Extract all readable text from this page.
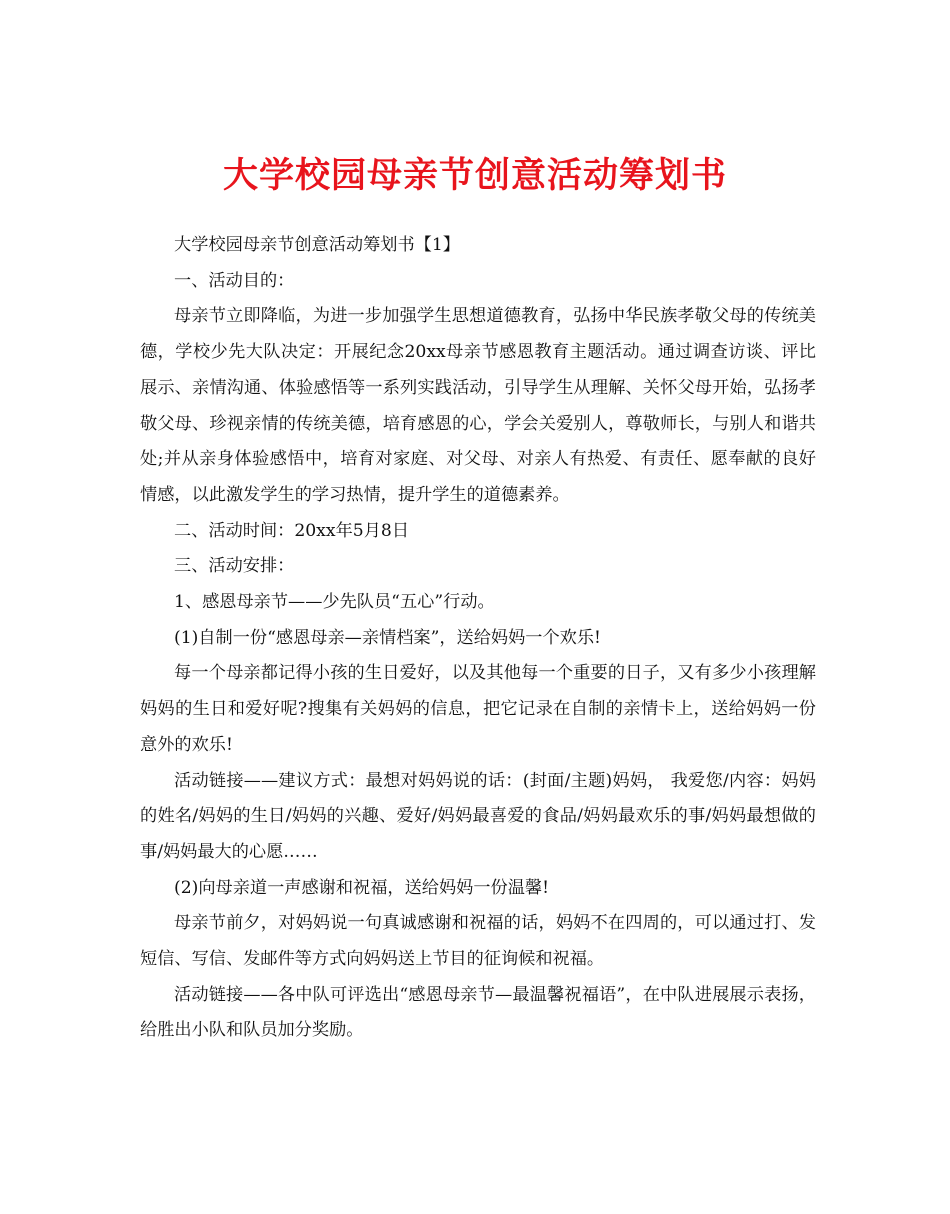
大学校园母亲节创意活动筹划书

大学校园母亲节创意活动筹划书【1】

一、活动目的：

母亲节立即降临，为进一步加强学生思想道德教育，弘扬中华民族孝敬父母的传统美德，学校少先大队决定：开展纪念20xx母亲节感恩教育主题活动。通过调查访谈、评比展示、亲情沟通、体验感悟等一系列实践活动，引导学生从理解、关怀父母开始，弘扬孝敬父母、珍视亲情的传统美德，培育感恩的心，学会关爱别人，尊敬师长，与别人和谐共处;并从亲身体验感悟中，培育对家庭、对父母、对亲人有热爱、有责任、愿奉献的良好情感，以此激发学生的学习热情，提升学生的道德素养。

二、活动时间：20xx年5月8日

三、活动安排：

1、感恩母亲节——少先队员“五心”行动。

(1)自制一份“感恩母亲—亲情档案”，送给妈妈一个欢乐!

每一个母亲都记得小孩的生日爱好，以及其他每一个重要的日子，又有多少小孩理解妈妈的生日和爱好呢?搜集有关妈妈的信息，把它记录在自制的亲情卡上，送给妈妈一份意外的欢乐!

活动链接——建议方式：最想对妈妈说的话：(封面/主题)妈妈， 我爱您/内容：妈妈的姓名/妈妈的生日/妈妈的兴趣、爱好/妈妈最喜爱的食品/妈妈最欢乐的事/妈妈最想做的事/妈妈最大的心愿……

(2)向母亲道一声感谢和祝福，送给妈妈一份温馨!

母亲节前夕，对妈妈说一句真诚感谢和祝福的话，妈妈不在四周的，可以通过打、发短信、写信、发邮件等方式向妈妈送上节目的征询候和祝福。

活动链接——各中队可评选出“感恩母亲节—最温馨祝福语”，在中队进展展示表扬，给胜出小队和队员加分奖励。
